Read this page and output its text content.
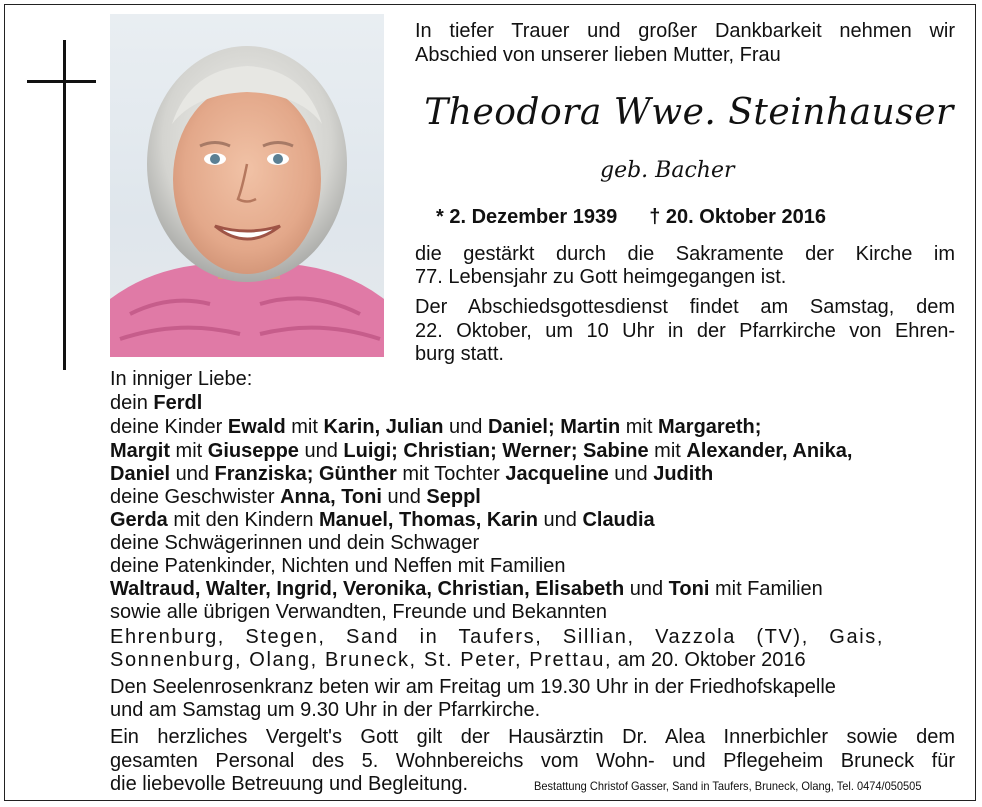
In tiefer Trauer und großer Dankbarkeit nehmen wir
Abschied von unserer lieben Mutter, Frau
Theodora Wwe. Steinhauser
geb. Bacher
* 2. Dezember 1939 † 20. Oktober 2016
die gestärkt durch die Sakramente der Kirche im
77. Lebensjahr zu Gott heimgegangen ist.
Der Abschiedsgottesdienst findet am Samstag, dem
22. Oktober, um 10 Uhr in der Pfarrkirche von Ehren-
burg statt.
In inniger Liebe:
dein Ferdl
deine Kinder Ewald mit Karin, Julian und Daniel; Martin mit Margareth;
Margit mit Giuseppe und Luigi; Christian; Werner; Sabine mit Alexander, Anika,
Daniel und Franziska; Günther mit Tochter Jacqueline und Judith
deine Geschwister Anna, Toni und Seppl
Gerda mit den Kindern Manuel, Thomas, Karin und Claudia
deine Schwägerinnen und dein Schwager
deine Patenkinder, Nichten und Neffen mit Familien
Waltraud, Walter, Ingrid, Veronika, Christian, Elisabeth und Toni mit Familien
sowie alle übrigen Verwandten, Freunde und Bekannten
Ehrenburg, Stegen, Sand in Taufers, Sillian, Vazzola (TV), Gais,
Sonnenburg, Olang, Bruneck, St. Peter, Prettau, am 20. Oktober 2016
Den Seelenrosenkranz beten wir am Freitag um 19.30 Uhr in der Friedhofskapelle
und am Samstag um 9.30 Uhr in der Pfarrkirche.
Ein herzliches Vergelt's Gott gilt der Hausärztin Dr. Alea Innerbichler sowie dem
gesamten Personal des 5. Wohnbereichs vom Wohn- und Pflegeheim Bruneck für
die liebevolle Betreuung und Begleitung.	Bestattung Christof Gasser, Sand in Taufers, Bruneck, Olang, Tel. 0474/050505
